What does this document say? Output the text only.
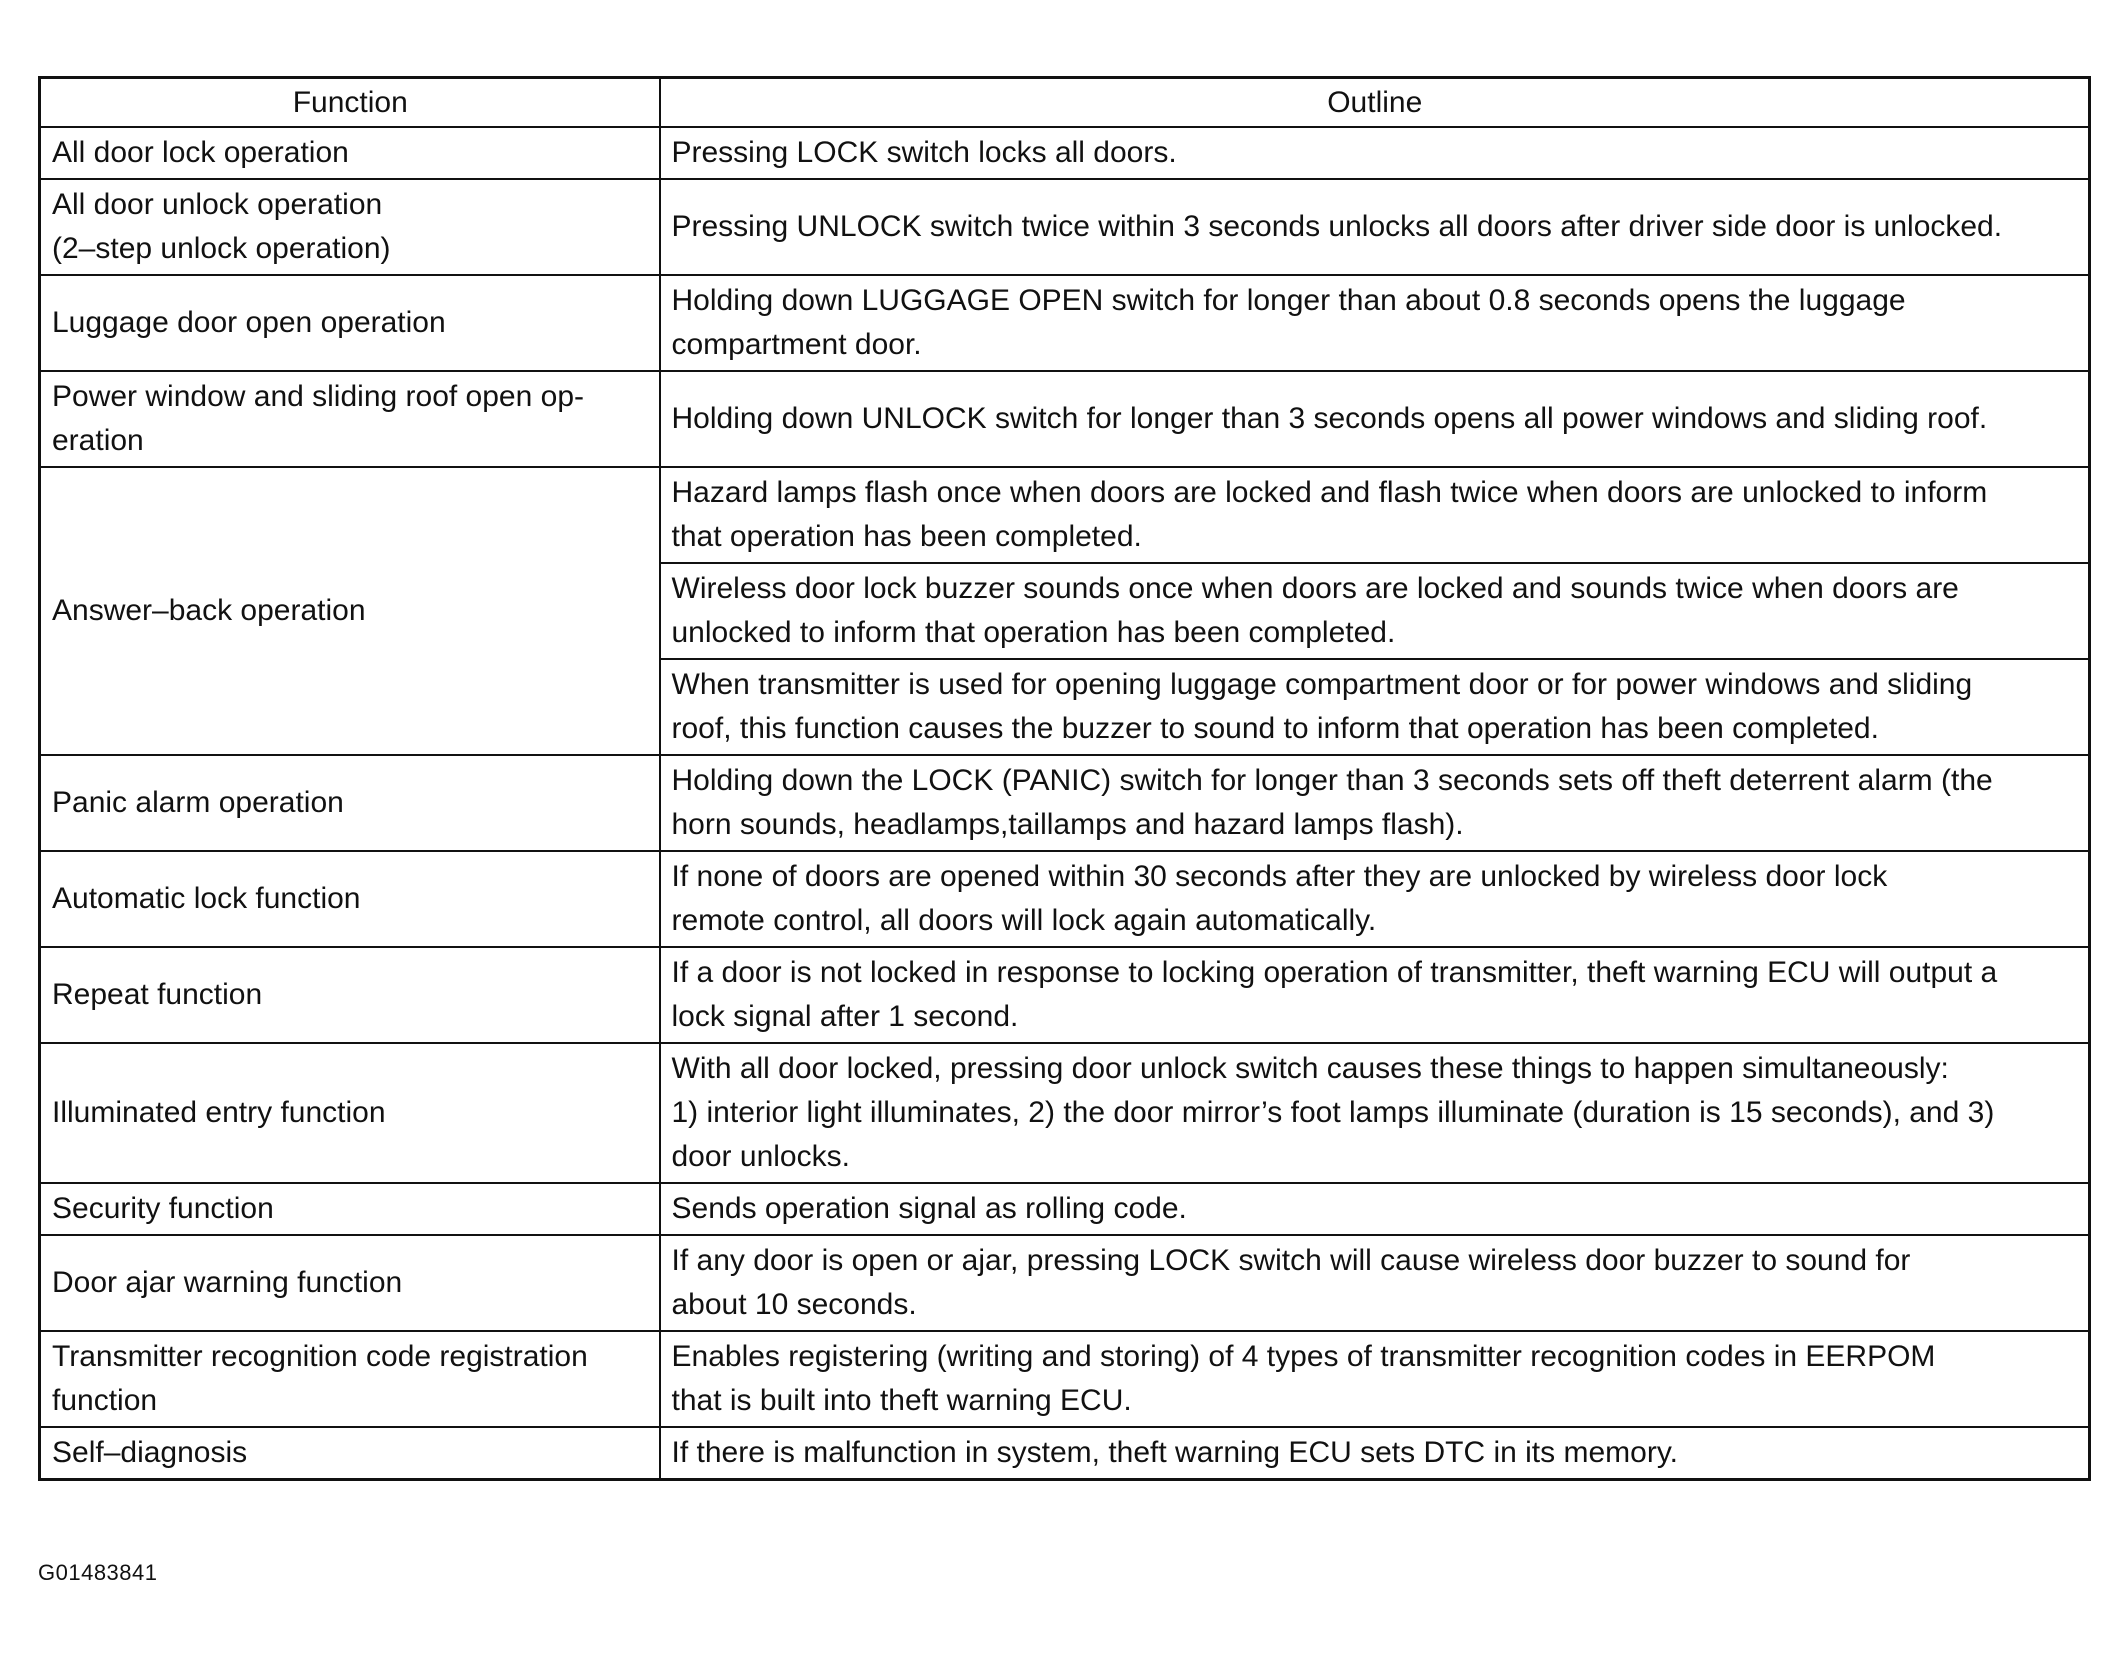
Function	Outline
All door lock operation	Pressing LOCK switch locks all doors.
All door unlock operation
(2–step unlock operation)	Pressing UNLOCK switch twice within 3 seconds unlocks all doors after driver side door is unlocked.
Luggage door open operation	Holding down LUGGAGE OPEN switch for longer than about 0.8 seconds opens the luggage
compartment door.
Power window and sliding roof open op-
eration	Holding down UNLOCK switch for longer than 3 seconds opens all power windows and sliding roof.
Answer–back operation	Hazard lamps flash once when doors are locked and flash twice when doors are unlocked to inform
that operation has been completed.
	Wireless door lock buzzer sounds once when doors are locked and sounds twice when doors are
unlocked to inform that operation has been completed.
	When transmitter is used for opening luggage compartment door or for power windows and sliding
roof, this function causes the buzzer to sound to inform that operation has been completed.
Panic alarm operation	Holding down the LOCK (PANIC) switch for longer than 3 seconds sets off theft deterrent alarm (the
horn sounds, headlamps,taillamps and hazard lamps flash).
Automatic lock function	If none of doors are opened within 30 seconds after they are unlocked by wireless door lock
remote control, all doors will lock again automatically.
Repeat function	If a door is not locked in response to locking operation of transmitter, theft warning ECU will output a
lock signal after 1 second.
Illuminated entry function	With all door locked, pressing door unlock switch causes these things to happen simultaneously:
1) interior light illuminates, 2) the door mirror’s foot lamps illuminate (duration is 15 seconds), and 3)
door unlocks.
Security function	Sends operation signal as rolling code.
Door ajar warning function	If any door is open or ajar, pressing LOCK switch will cause wireless door buzzer to sound for
about 10 seconds.
Transmitter recognition code registration
function	Enables registering (writing and storing) of 4 types of transmitter recognition codes in EERPOM
that is built into theft warning ECU.
Self–diagnosis	If there is malfunction in system, theft warning ECU sets DTC in its memory.
G01483841
